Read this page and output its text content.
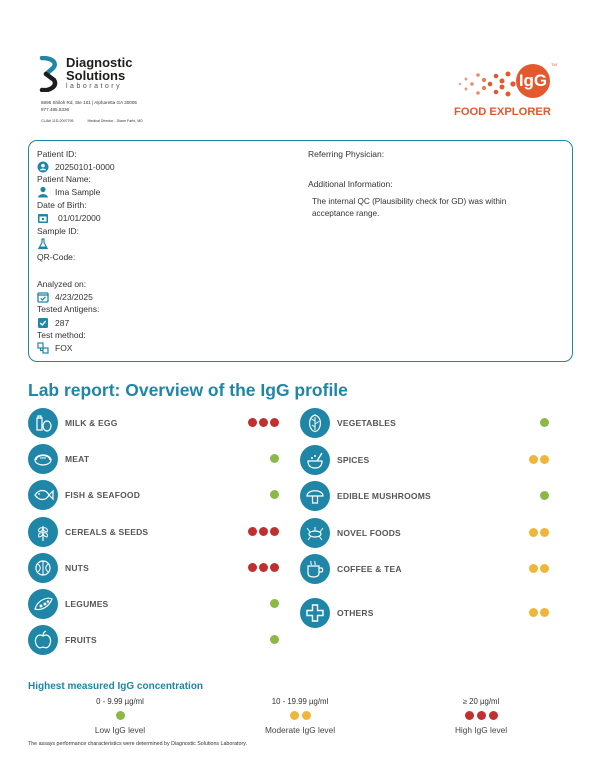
Diagnostic
Solutions
laboratory
5895 Shiloh Rd, Ste 101 | Alpharetta GA 30005
877.485.5336
CLIA# 11D-2097795	Medical Director - Diane Farhi, MD
IgG
TM
FOOD EXPLORER
Patient ID:
20250101-0000
Patient Name:
Ima Sample
Date of Birth:
01/01/2000
Sample ID:
QR-Code:
Analyzed on:
4/23/2025
Tested Antigens:
287
Test method:
FOX
Referring Physician:
Additional Information:
The internal QC (Plausibility check for GD) was within acceptance range.
Lab report: Overview of the IgG profile
MILK & EGG
MEAT
FISH & SEAFOOD
CEREALS & SEEDS
NUTS
LEGUMES
FRUITS
VEGETABLES
SPICES
EDIBLE MUSHROOMS
NOVEL FOODS
COFFEE & TEA
OTHERS
Highest measured IgG concentration
0 - 9.99 µg/ml
Low IgG level
10 - 19.99 µg/ml
Moderate IgG level
≥ 20 µg/ml
High IgG level
The assays performance characteristics were determined by Diagnostic Solutions Laboratory.
